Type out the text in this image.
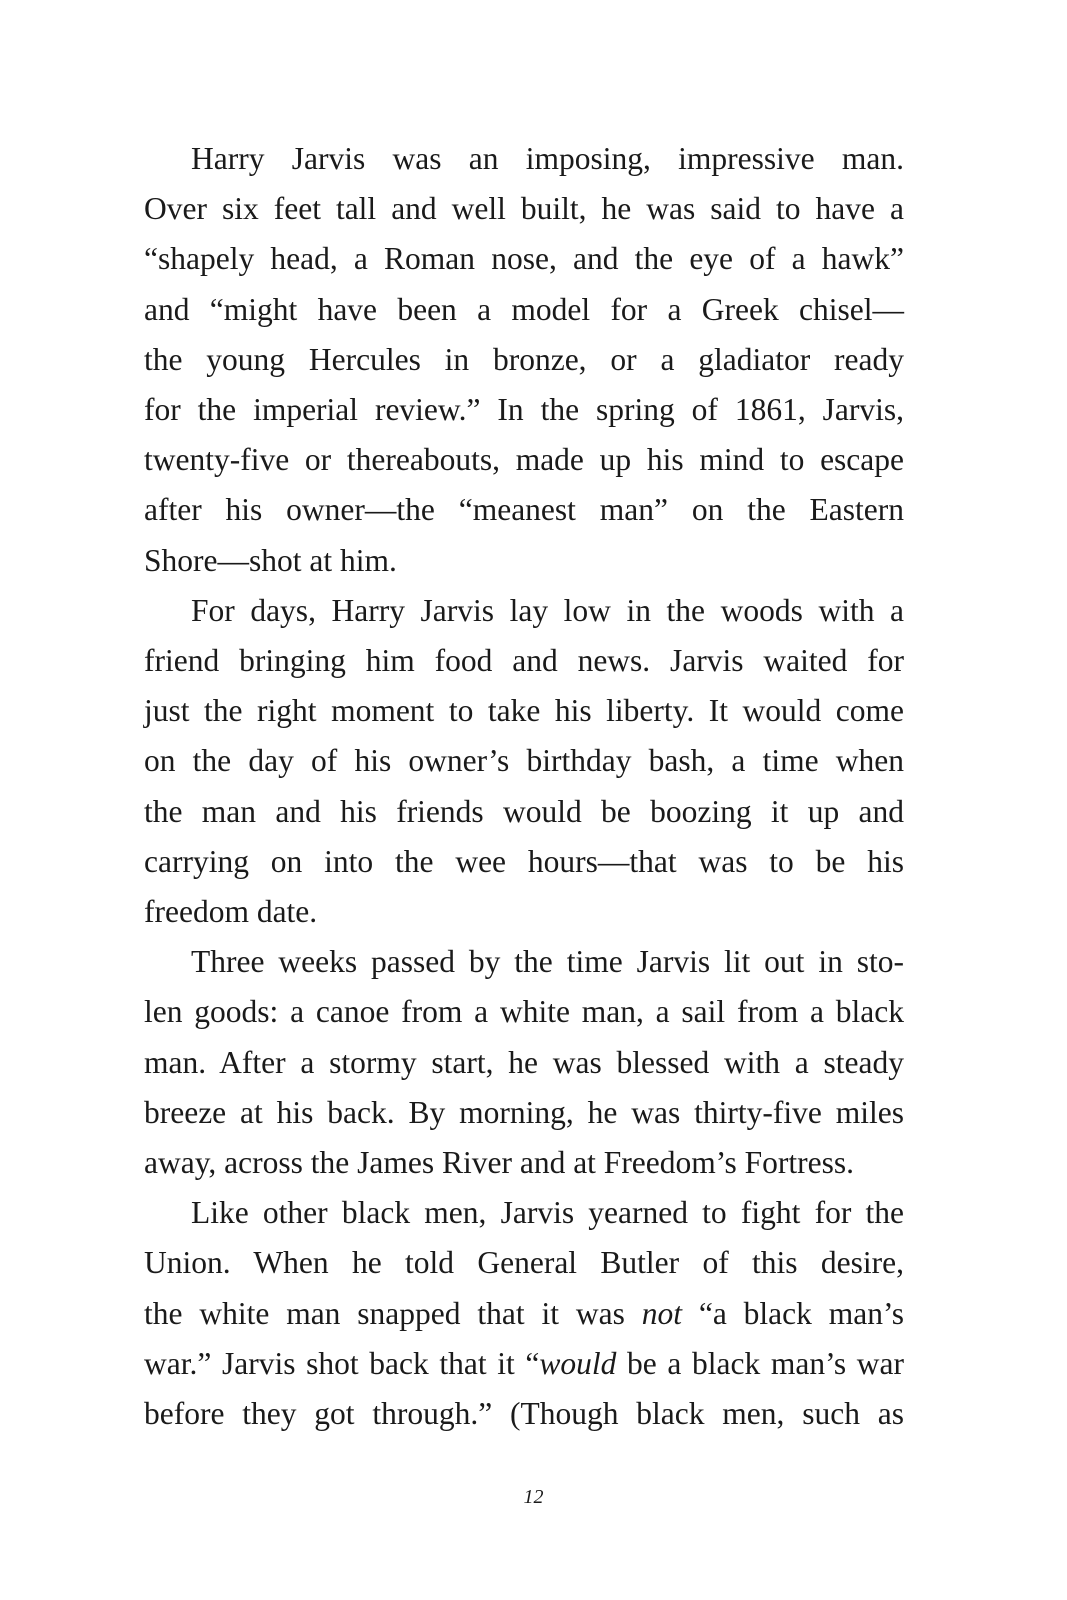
Harry Jarvis was an imposing, impressive man.
Over six feet tall and well built, he was said to have a
“shapely head, a Roman nose, and the eye of a hawk”
and “might have been a model for a Greek chisel—
the young Hercules in bronze, or a gladiator ready
for the imperial review.” In the spring of 1861, Jarvis,
twenty-five or thereabouts, made up his mind to escape
after his owner—the “meanest man” on the Eastern
Shore—shot at him.

For days, Harry Jarvis lay low in the woods with a
friend bringing him food and news. Jarvis waited for
just the right moment to take his liberty. It would come
on the day of his owner’s birthday bash, a time when
the man and his friends would be boozing it up and
carrying on into the wee hours—that was to be his
freedom date.

Three weeks passed by the time Jarvis lit out in sto-
len goods: a canoe from a white man, a sail from a black
man. After a stormy start, he was blessed with a steady
breeze at his back. By morning, he was thirty-five miles
away, across the James River and at Freedom’s Fortress.

Like other black men, Jarvis yearned to fight for the
Union. When he told General Butler of this desire,
the white man snapped that it was not “a black man’s
war.” Jarvis shot back that it “would be a black man’s war
before they got through.” (Though black men, such as

12
